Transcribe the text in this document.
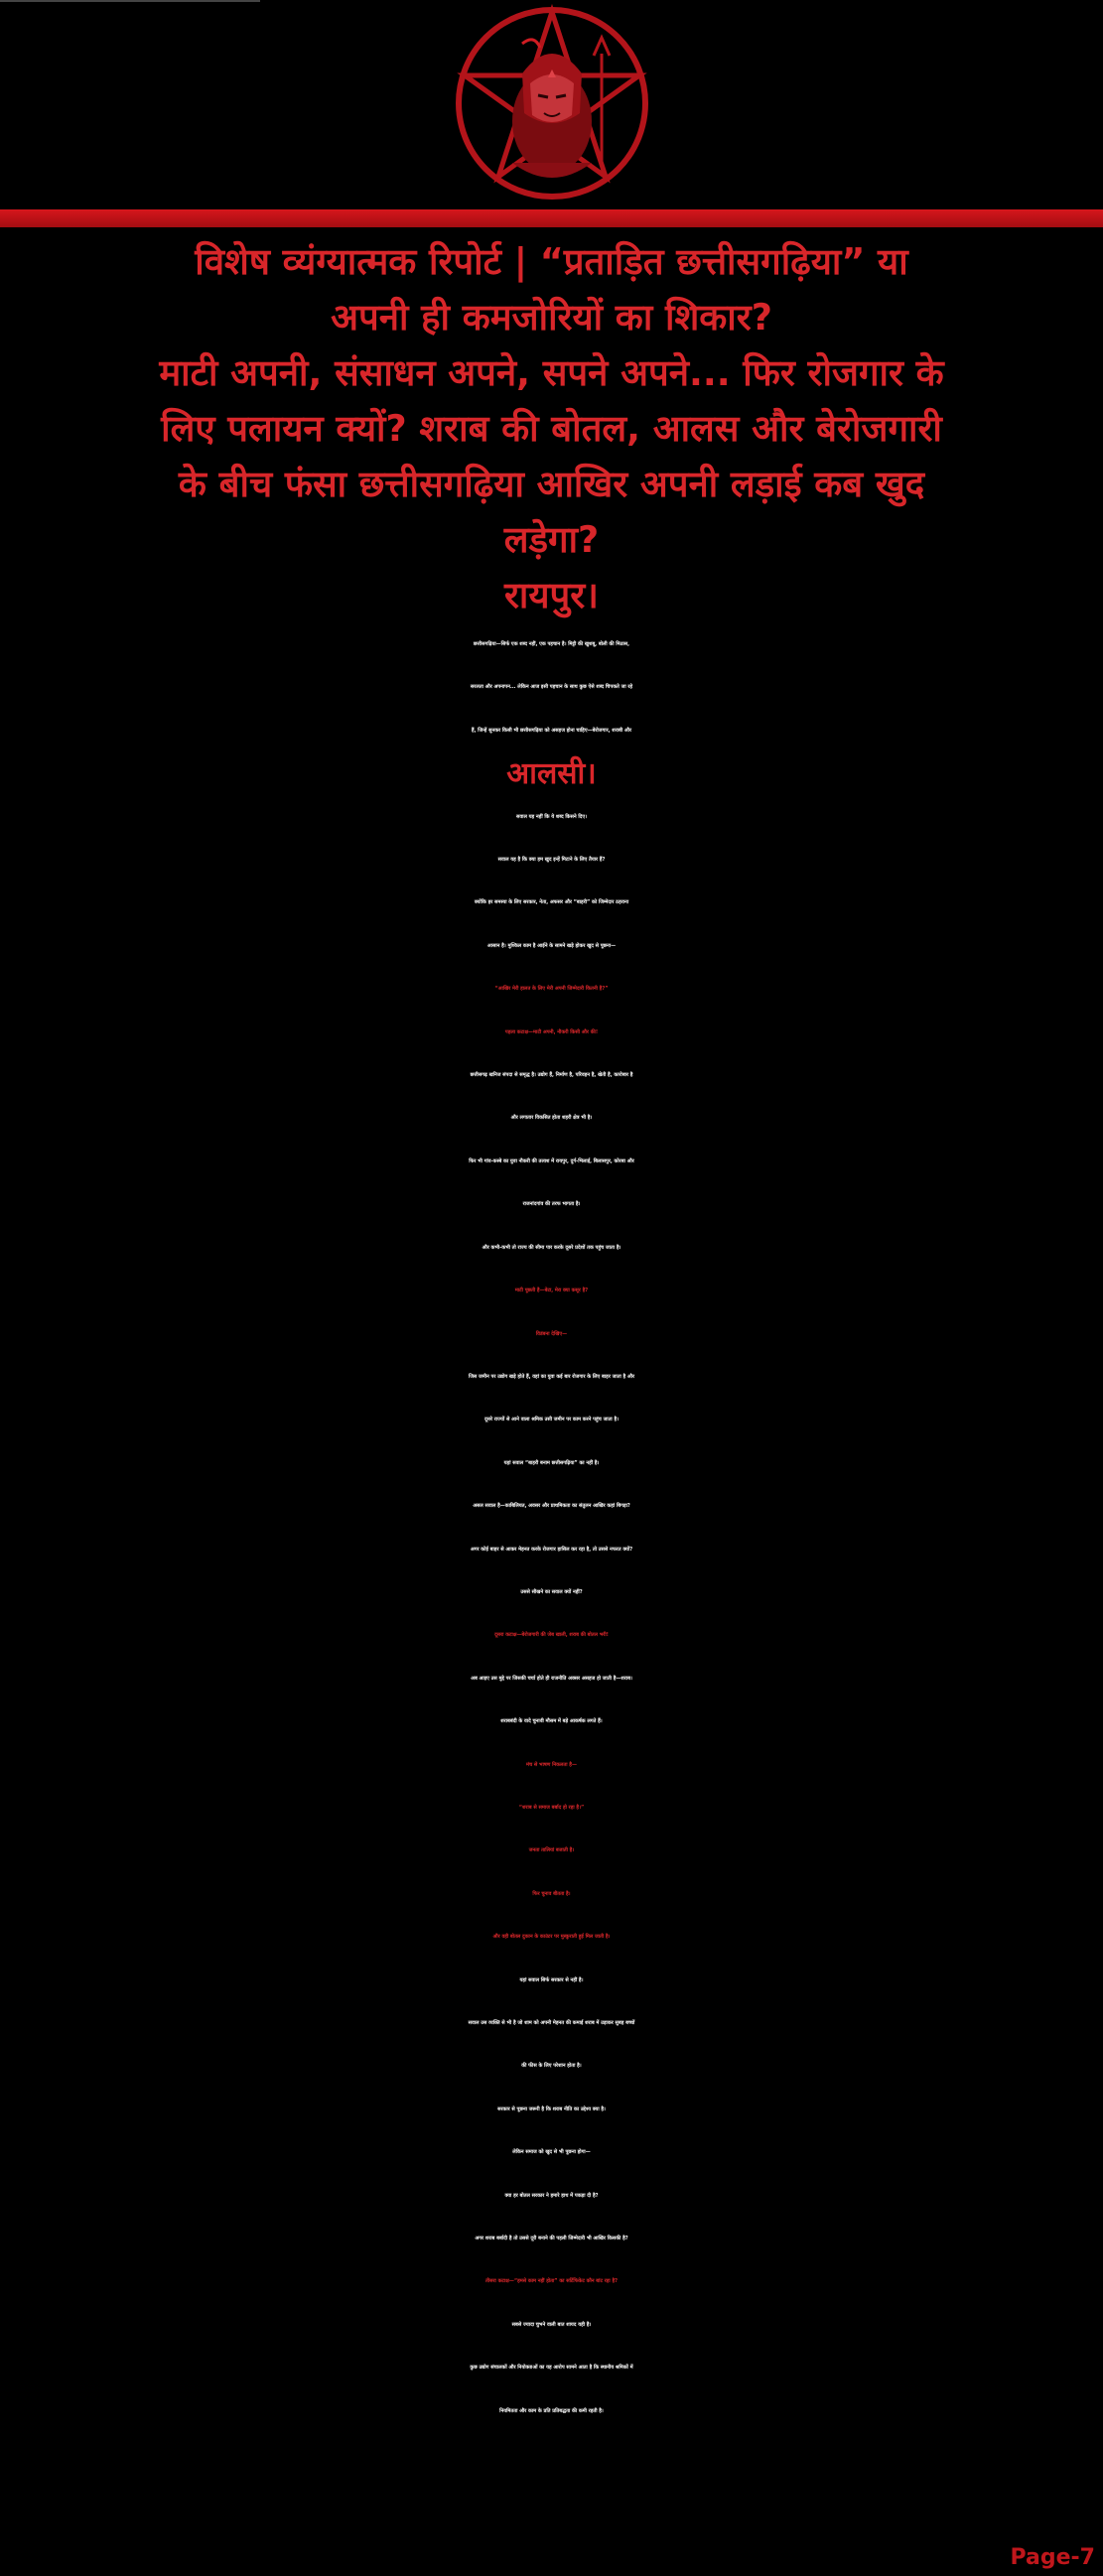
विशेष व्यंग्यात्मक रिपोर्ट | “प्रताड़ित छत्तीसगढ़िया” या
अपनी ही कमजोरियों का शिकार?
माटी अपनी, संसाधन अपने, सपने अपने... फिर रोजगार के
लिए पलायन क्यों? शराब की बोतल, आलस और बेरोजगारी
के बीच फंसा छत्तीसगढ़िया आखिर अपनी लड़ाई कब खुद
लड़ेगा?
रायपुर।
छत्तीसगढ़िया—सिर्फ एक शब्द नहीं, एक पहचान है। मिट्टी की खुशबू, बोली की मिठास,
सरलता और अपनापन... लेकिन आज इसी पहचान के साथ कुछ ऐसे शब्द चिपकते जा रहे
हैं, जिन्हें सुनकर किसी भी छत्तीसगढ़िया को असहज होना चाहिए—बेरोजगार, शराबी और
आलसी।
सवाल यह नहीं कि ये शब्द किसने दिए।
सवाल यह है कि क्या हम खुद इन्हें मिटाने के लिए तैयार हैं?
क्योंकि हर समस्या के लिए सरकार, नेता, अफसर और “बाहरी” को जिम्मेदार ठहराना
आसान है। मुश्किल काम है आईने के सामने खड़े होकर खुद से पूछना—
“आखिर मेरी हालत के लिए मेरी अपनी जिम्मेदारी कितनी है?”
पहला कटाक्ष—माटी अपनी, नौकरी किसी और की!
छत्तीसगढ़ खनिज संपदा से समृद्ध है। उद्योग हैं, निर्माण है, परिवहन है, खेती है, कारोबार है
और लगातार विकसित होता शहरी क्षेत्र भी है।
फिर भी गांव-कस्बे का युवा नौकरी की तलाश में रायपुर, दुर्ग-भिलाई, बिलासपुर, कोरबा और
राजनांदगांव की तरफ भागता है।
और कभी-कभी तो राज्य की सीमा पार करके दूसरे प्रदेशों तक पहुंच जाता है।
माटी पूछती है—बेटा, मेरा क्या कसूर है?
विडंबना देखिए—
जिस जमीन पर उद्योग खड़े होते हैं, वहां का युवा कई बार रोजगार के लिए बाहर जाता है और
दूसरे राज्यों से आने वाला श्रमिक उसी जमीन पर काम करने पहुंच जाता है।
यहां सवाल “बाहरी बनाम छत्तीसगढ़िया” का नहीं है।
असल सवाल है—काबिलियत, अवसर और प्राथमिकता का संतुलन आखिर कहां बिगड़ा?
अगर कोई बाहर से आकर मेहनत करके रोजगार हासिल कर रहा है, तो उससे नफरत क्यों?
उससे सीखने का सवाल क्यों नहीं?
दूसरा कटाक्ष—बेरोजगारी की जेब खाली, शराब की बोतल भरी!
अब आइए उस मुद्दे पर जिसकी चर्चा होते ही राजनीति अक्सर असहज हो जाती है—शराब।
शराबबंदी के वादे चुनावी मौसम में बड़े आकर्षक लगते हैं।
मंच से भाषण निकलता है—
“शराब से समाज बर्बाद हो रहा है।”
जनता तालियां बजाती है।
फिर चुनाव बीतता है।
और वही बोतल दुकान के काउंटर पर मुस्कुराती हुई मिल जाती है।
यहां सवाल सिर्फ सरकार से नहीं है।
सवाल उस व्यक्ति से भी है जो शाम को अपनी मेहनत की कमाई शराब में उड़ाकर सुबह बच्चों
की फीस के लिए परेशान होता है।
सरकार से पूछना जरूरी है कि शराब नीति का उद्देश्य क्या है।
लेकिन समाज को खुद से भी पूछना होगा—
क्या हर बोतल सरकार ने हमारे हाथ में पकड़ा दी है?
अगर शराब बर्बादी है तो उससे दूरी बनाने की पहली जिम्मेदारी भी आखिर किसकी है?
तीसरा कटाक्ष—“हमसे काम नहीं होता” का सर्टिफिकेट कौन बांट रहा है?
सबसे ज्यादा चुभने वाली बात शायद यही है।
कुछ उद्योग संचालकों और नियोक्ताओं का यह आरोप सामने आता है कि स्थानीय श्रमिकों में
नियमितता और काम के प्रति प्रतिबद्धता की कमी रहती है।
Page-7
